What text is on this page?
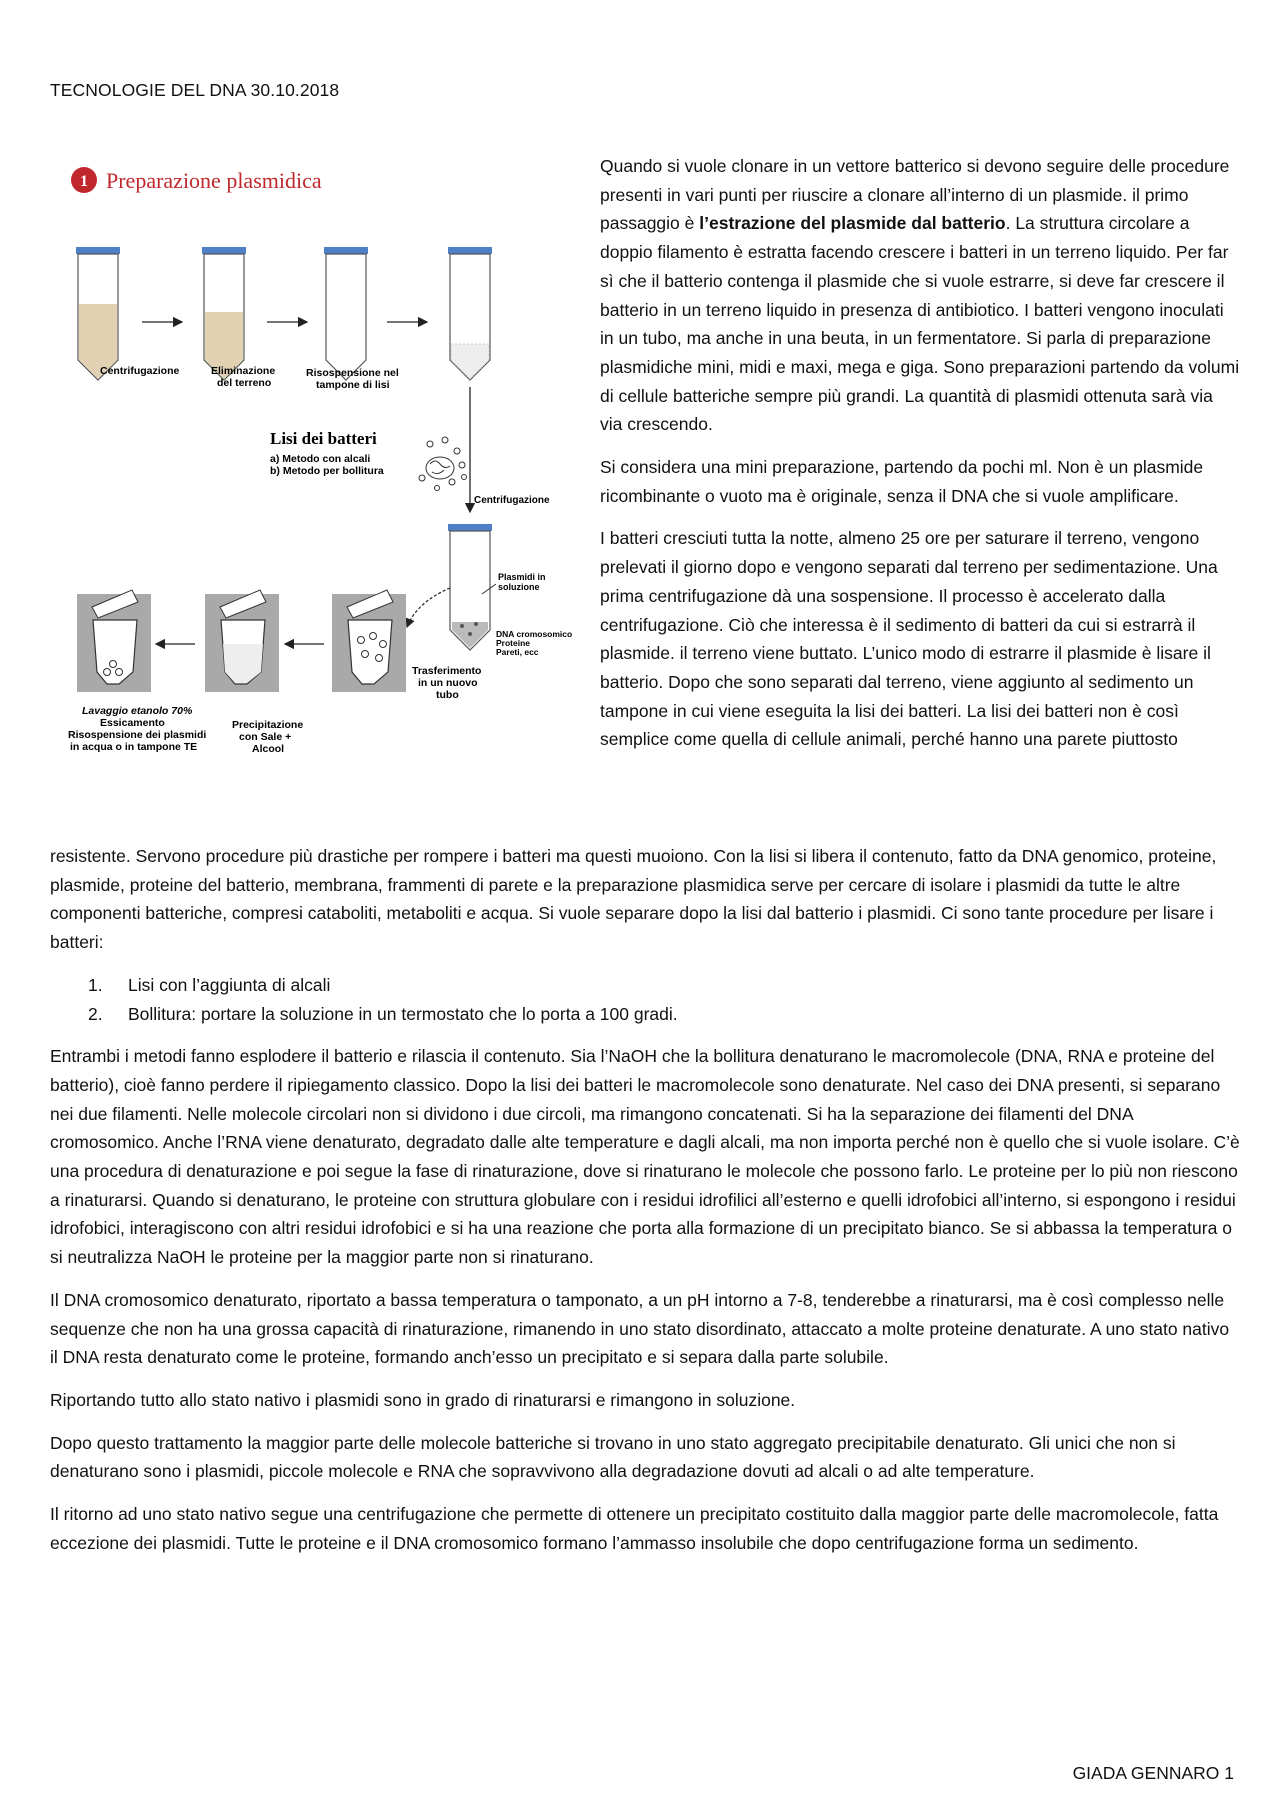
TECNOLOGIE DEL DNA 30.10.2018
1 Preparazione plasmidica
Centrifugazione	Eliminazione
del terreno
Risospensione nel
tampone di lisi
Lisi dei batteri
a) Metodo con alcali
b) Metodo per bollitura
Centrifugazione
Plasmidi in
soluzione
DNA cromosomico
Proteine
Pareti, ecc
Trasferimento
in un nuovo
tubo
Lavaggio etanolo 70%
Essicamento
Risospensione dei plasmidi
in acqua o in tampone TE
Precipitazione
con Sale +
Alcool

Quando si vuole clonare in un vettore batterico si devono seguire delle procedure presenti in vari punti per riuscire a clonare all’interno di un plasmide. il primo passaggio è l’estrazione del plasmide dal batterio. La struttura circolare a doppio filamento è estratta facendo crescere i batteri in un terreno liquido. Per far sì che il batterio contenga il plasmide che si vuole estrarre, si deve far crescere il batterio in un terreno liquido in presenza di antibiotico. I batteri vengono inoculati in un tubo, ma anche in una beuta, in un fermentatore. Si parla di preparazione plasmidiche mini, midi e maxi, mega e giga. Sono preparazioni partendo da volumi di cellule batteriche sempre più grandi. La quantità di plasmidi ottenuta sarà via via crescendo.

Si considera una mini preparazione, partendo da pochi ml. Non è un plasmide ricombinante o vuoto ma è originale, senza il DNA che si vuole amplificare.

I batteri cresciuti tutta la notte, almeno 25 ore per saturare il terreno, vengono prelevati il giorno dopo e vengono separati dal terreno per sedimentazione. Una prima centrifugazione dà una sospensione. Il processo è accelerato dalla centrifugazione. Ciò che interessa è il sedimento di batteri da cui si estrarrà il plasmide. il terreno viene buttato. L’unico modo di estrarre il plasmide è lisare il batterio. Dopo che sono separati dal terreno, viene aggiunto al sedimento un tampone in cui viene eseguita la lisi dei batteri. La lisi dei batteri non è così semplice come quella di cellule animali, perché hanno una parete piuttosto

resistente. Servono procedure più drastiche per rompere i batteri ma questi muoiono. Con la lisi si libera il contenuto, fatto da DNA genomico, proteine, plasmide, proteine del batterio, membrana, frammenti di parete e la preparazione plasmidica serve per cercare di isolare i plasmidi da tutte le altre componenti batteriche, compresi cataboliti, metaboliti e acqua. Si vuole separare dopo la lisi dal batterio i plasmidi. Ci sono tante procedure per lisare i batteri:

1. Lisi con l’aggiunta di alcali
2. Bollitura: portare la soluzione in un termostato che lo porta a 100 gradi.

Entrambi i metodi fanno esplodere il batterio e rilascia il contenuto. Sia l’NaOH che la bollitura denaturano le macromolecole (DNA, RNA e proteine del batterio), cioè fanno perdere il ripiegamento classico. Dopo la lisi dei batteri le macromolecole sono denaturate. Nel caso dei DNA presenti, si separano nei due filamenti. Nelle molecole circolari non si dividono i due circoli, ma rimangono concatenati. Si ha la separazione dei filamenti del DNA cromosomico. Anche l’RNA viene denaturato, degradato dalle alte temperature e dagli alcali, ma non importa perché non è quello che si vuole isolare. C’è una procedura di denaturazione e poi segue la fase di rinaturazione, dove si rinaturano le molecole che possono farlo. Le proteine per lo più non riescono a rinaturarsi. Quando si denaturano, le proteine con struttura globulare con i residui idrofilici all’esterno e quelli idrofobici all’interno, si espongono i residui idrofobici, interagiscono con altri residui idrofobici e si ha una reazione che porta alla formazione di un precipitato bianco. Se si abbassa la temperatura o si neutralizza NaOH le proteine per la maggior parte non si rinaturano.

Il DNA cromosomico denaturato, riportato a bassa temperatura o tamponato, a un pH intorno a 7-8, tenderebbe a rinaturarsi, ma è così complesso nelle sequenze che non ha una grossa capacità di rinaturazione, rimanendo in uno stato disordinato, attaccato a molte proteine denaturate. A uno stato nativo il DNA resta denaturato come le proteine, formando anch’esso un precipitato e si separa dalla parte solubile.

Riportando tutto allo stato nativo i plasmidi sono in grado di rinaturarsi e rimangono in soluzione.

Dopo questo trattamento la maggior parte delle molecole batteriche si trovano in uno stato aggregato precipitabile denaturato. Gli unici che non si denaturano sono i plasmidi, piccole molecole e RNA che sopravvivono alla degradazione dovuti ad alcali o ad alte temperature.

Il ritorno ad uno stato nativo segue una centrifugazione che permette di ottenere un precipitato costituito dalla maggior parte delle macromolecole, fatta eccezione dei plasmidi. Tutte le proteine e il DNA cromosomico formano l’ammasso insolubile che dopo centrifugazione forma un sedimento.

GIADA GENNARO 1
